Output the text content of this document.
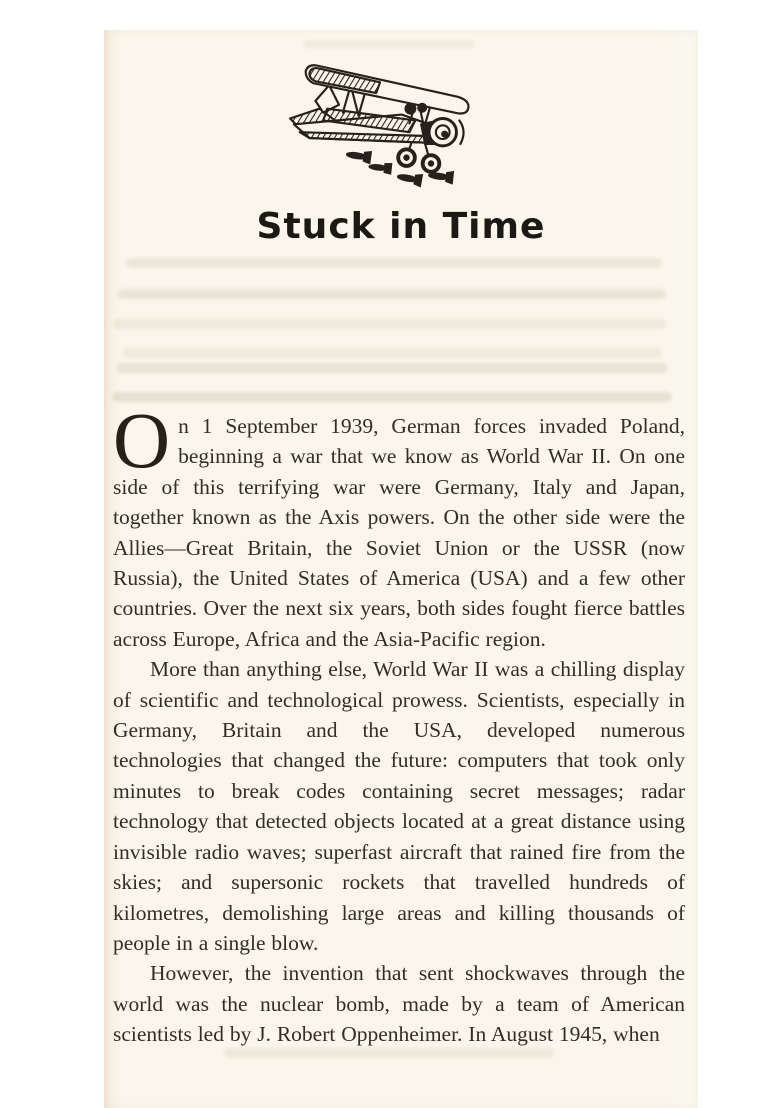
Stuck in Time

On 1 September 1939, German forces invaded Poland, beginning a war that we know as World War II. On one side of this terrifying war were Germany, Italy and Japan, together known as the Axis powers. On the other side were the Allies—Great Britain, the Soviet Union or the USSR (now Russia), the United States of America (USA) and a few other countries. Over the next six years, both sides fought fierce battles across Europe, Africa and the Asia-Pacific region.

More than anything else, World War II was a chilling display of scientific and technological prowess. Scientists, especially in Germany, Britain and the USA, developed numerous technologies that changed the future: computers that took only minutes to break codes containing secret messages; radar technology that detected objects located at a great distance using invisible radio waves; superfast aircraft that rained fire from the skies; and supersonic rockets that travelled hundreds of kilometres, demolishing large areas and killing thousands of people in a single blow.

However, the invention that sent shockwaves through the world was the nuclear bomb, made by a team of American scientists led by J. Robert Oppenheimer. In August 1945, when
